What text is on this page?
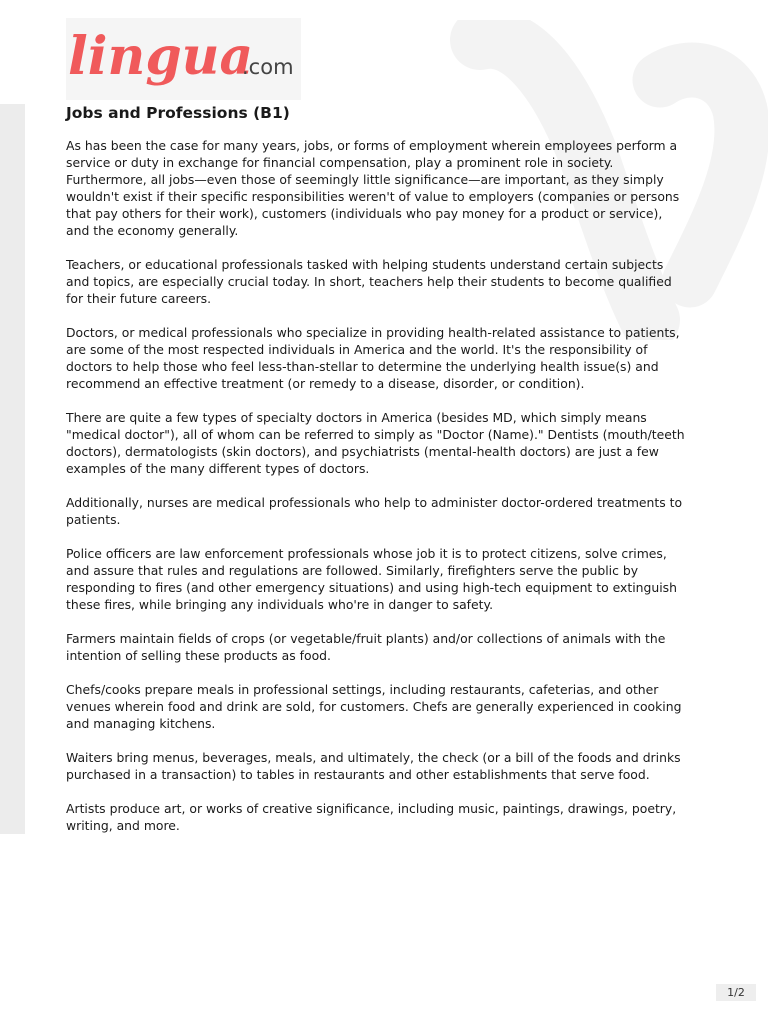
lingua
.com
Jobs and Professions (B1)

As has been the case for many years, jobs, or forms of employment wherein employees perform a service or duty in exchange for financial compensation, play a prominent role in society. Furthermore, all jobs—even those of seemingly little significance—are important, as they simply wouldn't exist if their specific responsibilities weren't of value to employers (companies or persons that pay others for their work), customers (individuals who pay money for a product or service), and the economy generally.

Teachers, or educational professionals tasked with helping students understand certain subjects and topics, are especially crucial today. In short, teachers help their students to become qualified for their future careers.

Doctors, or medical professionals who specialize in providing health-related assistance to patients, are some of the most respected individuals in America and the world. It's the responsibility of doctors to help those who feel less-than-stellar to determine the underlying health issue(s) and recommend an effective treatment (or remedy to a disease, disorder, or condition).

There are quite a few types of specialty doctors in America (besides MD, which simply means "medical doctor"), all of whom can be referred to simply as "Doctor (Name)." Dentists (mouth/teeth doctors), dermatologists (skin doctors), and psychiatrists (mental-health doctors) are just a few examples of the many different types of doctors.

Additionally, nurses are medical professionals who help to administer doctor-ordered treatments to patients.

Police officers are law enforcement professionals whose job it is to protect citizens, solve crimes, and assure that rules and regulations are followed. Similarly, firefighters serve the public by responding to fires (and other emergency situations) and using high-tech equipment to extinguish these fires, while bringing any individuals who're in danger to safety.

Farmers maintain fields of crops (or vegetable/fruit plants) and/or collections of animals with the intention of selling these products as food.

Chefs/cooks prepare meals in professional settings, including restaurants, cafeterias, and other venues wherein food and drink are sold, for customers. Chefs are generally experienced in cooking and managing kitchens.

Waiters bring menus, beverages, meals, and ultimately, the check (or a bill of the foods and drinks purchased in a transaction) to tables in restaurants and other establishments that serve food.

Artists produce art, or works of creative significance, including music, paintings, drawings, poetry, writing, and more.

1/2
